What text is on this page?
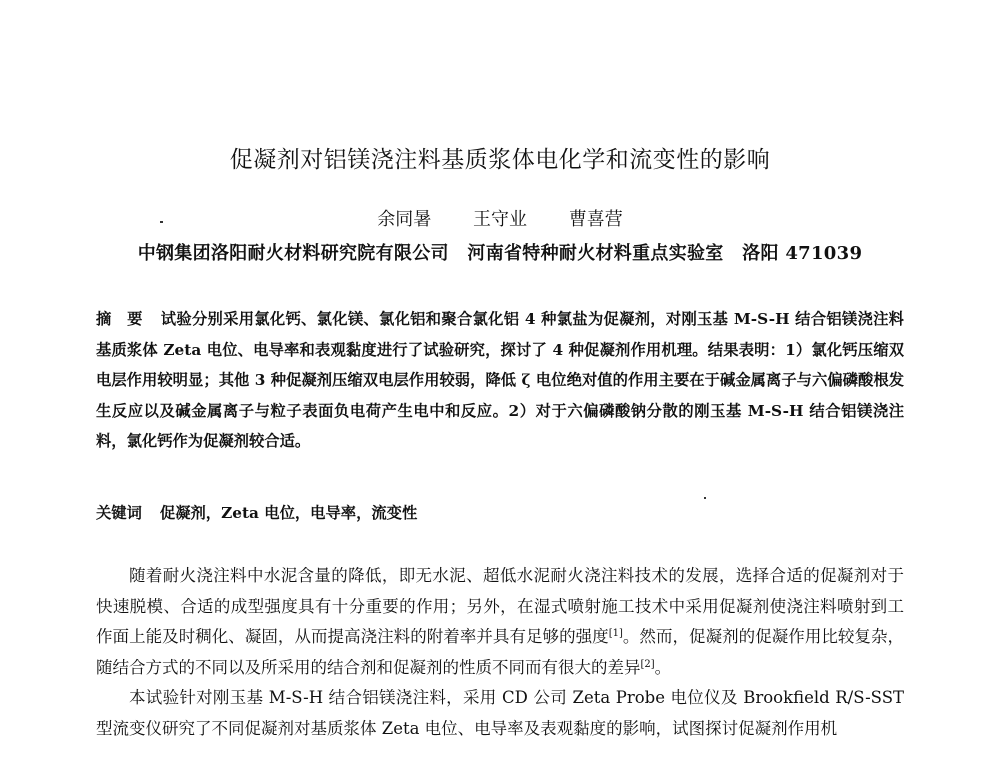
促凝剂对铝镁浇注料基质浆体电化学和流变性的影响
余同暑 王守业 曹喜营
中钢集团洛阳耐火材料研究院有限公司 河南省特种耐火材料重点实验室 洛阳 471039
摘　要 试验分别采用氯化钙、氯化镁、氯化铝和聚合氯化铝 4 种氯盐为促凝剂，对刚玉基 M-S-H 结合铝镁浇注料基质浆体 Zeta 电位、电导率和表观黏度进行了试验研究，探讨了 4 种促凝剂作用机理。结果表明：1）氯化钙压缩双电层作用较明显；其他 3 种促凝剂压缩双电层作用较弱，降低 ζ 电位绝对值的作用主要在于碱金属离子与六偏磷酸根发生反应以及碱金属离子与粒子表面负电荷产生电中和反应。2）对于六偏磷酸钠分散的刚玉基 M-S-H 结合铝镁浇注料，氯化钙作为促凝剂较合适。
关键词 促凝剂，Zeta 电位，电导率，流变性

随着耐火浇注料中水泥含量的降低，即无水泥、超低水泥耐火浇注料技术的发展，选择合适的促凝剂对于快速脱模、合适的成型强度具有十分重要的作用；另外，在湿式喷射施工技术中采用促凝剂使浇注料喷射到工作面上能及时稠化、凝固，从而提高浇注料的附着率并具有足够的强度[1]。然而，促凝剂的促凝作用比较复杂，随结合方式的不同以及所采用的结合剂和促凝剂的性质不同而有很大的差异[2]。

本试验针对刚玉基 M-S-H 结合铝镁浇注料，采用 CD 公司 Zeta Probe 电位仪及 Brookfield R/S-SST 型流变仪研究了不同促凝剂对基质浆体 Zeta 电位、电导率及表观黏度的影响，试图探讨促凝剂作用机
